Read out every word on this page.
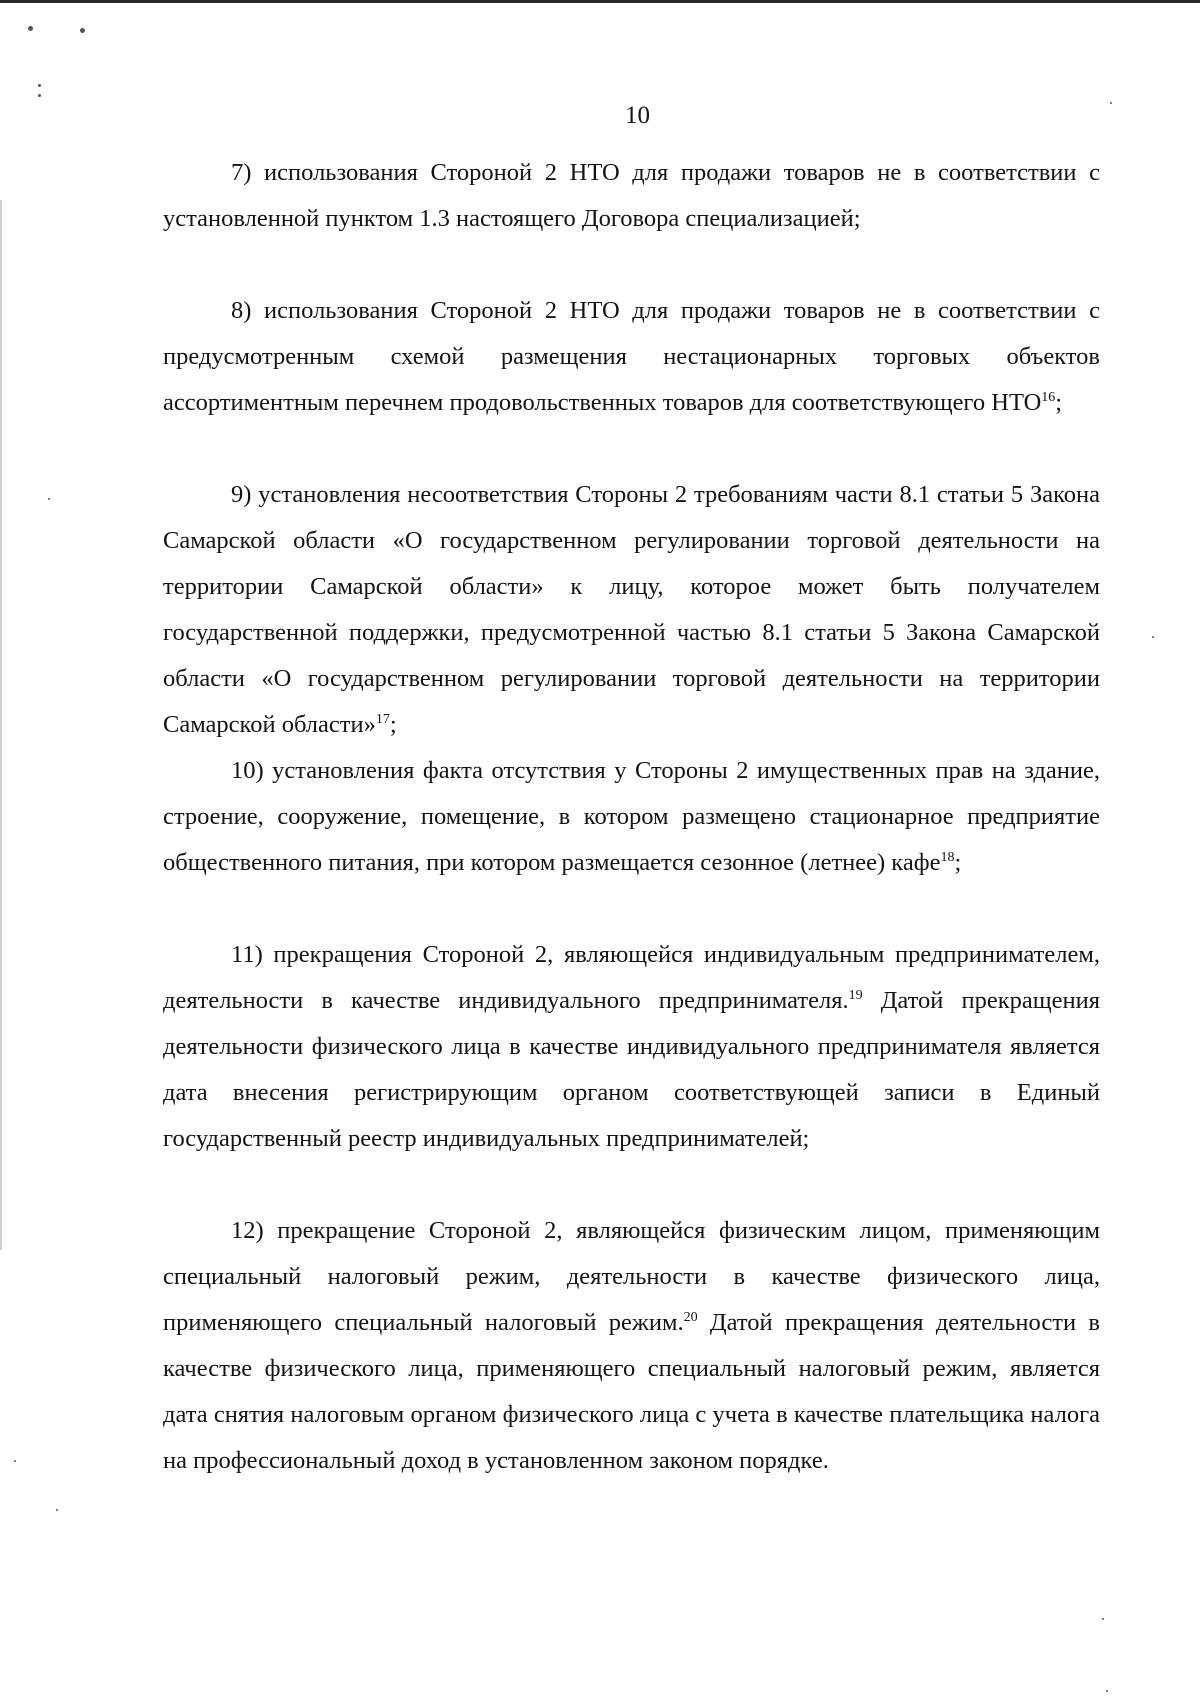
10

7) использования Стороной 2 НТО для продажи товаров не в соответствии с установленной пунктом 1.3 настоящего Договора специализацией;

8) использования Стороной 2 НТО для продажи товаров не в соответствии с предусмотренным схемой размещения нестационарных торговых объектов ассортиментным перечнем продовольственных товаров для соответствующего НТО$^{16}$;

9) установления несоответствия Стороны 2 требованиям части 8.1 статьи 5 Закона Самарской области «О государственном регулировании торговой деятельности на территории Самарской области» к лицу, которое может быть получателем государственной поддержки, предусмотренной частью 8.1 статьи 5 Закона Самарской области «О государственном регулировании торговой деятельности на территории Самарской области»$^{17}$;

10) установления факта отсутствия у Стороны 2 имущественных прав на здание, строение, сооружение, помещение, в котором размещено стационарное предприятие общественного питания, при котором размещается сезонное (летнее) кафе$^{18}$;

11) прекращения Стороной 2, являющейся индивидуальным предпринимателем, деятельности в качестве индивидуального предпринимателя.$^{19}$ Датой прекращения деятельности физического лица в качестве индивидуального предпринимателя является дата внесения регистрирующим органом соответствующей записи в Единый государственный реестр индивидуальных предпринимателей;

12) прекращение Стороной 2, являющейся физическим лицом, применяющим специальный налоговый режим, деятельности в качестве физического лица, применяющего специальный налоговый режим.$^{20}$ Датой прекращения деятельности в качестве физического лица, применяющего специальный налоговый режим, является дата снятия налоговым органом физического лица с учета в качестве плательщика налога на профессиональный доход в установленном законом порядке.
